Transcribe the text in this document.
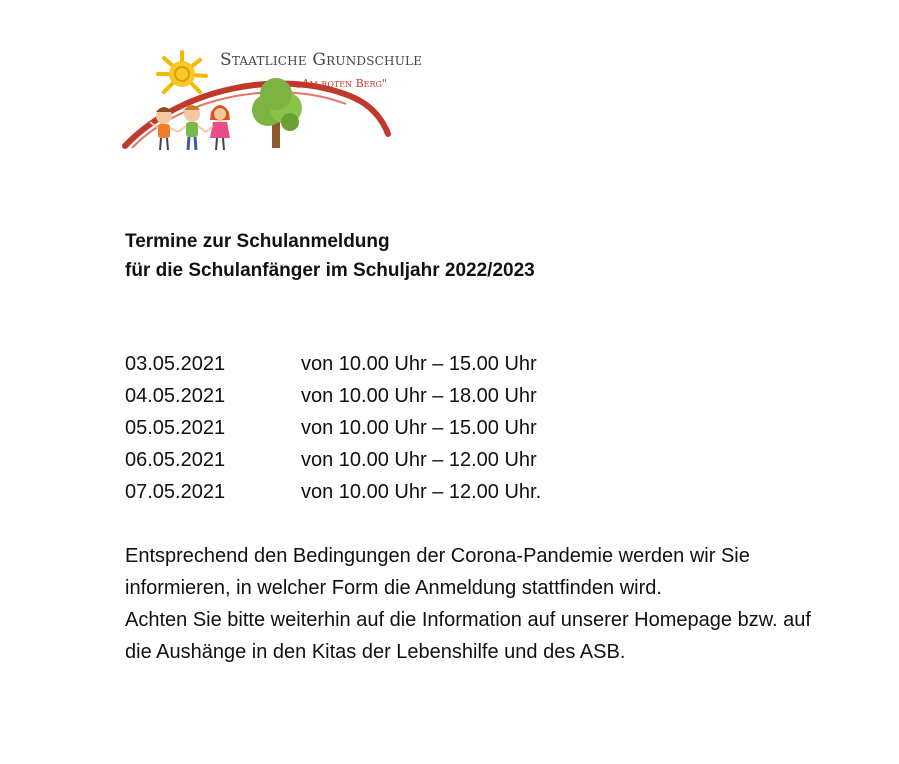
Staatliche Grundschule
„Am roten Berg"
Termine zur Schulanmeldung
für die Schulanfänger im Schuljahr 2022/2023
03.05.2021	von 10.00 Uhr – 15.00 Uhr
04.05.2021	von 10.00 Uhr – 18.00 Uhr
05.05.2021	von 10.00 Uhr – 15.00 Uhr
06.05.2021	von 10.00 Uhr – 12.00 Uhr
07.05.2021	von 10.00 Uhr – 12.00 Uhr.

Entsprechend den Bedingungen der Corona-Pandemie werden wir Sie informieren, in welcher Form die Anmeldung stattfinden wird.

Achten Sie bitte weiterhin auf die Information auf unserer Homepage bzw. auf die Aushänge in den Kitas der Lebenshilfe und des ASB.
